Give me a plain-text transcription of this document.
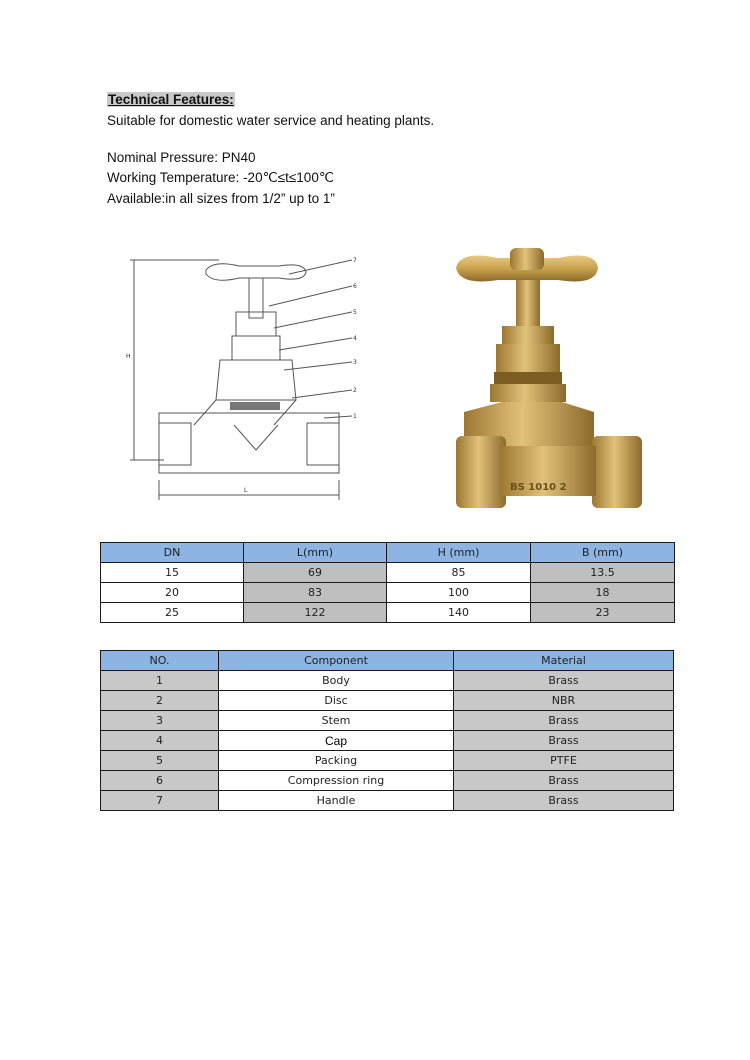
Technical Features:
Suitable for domestic water service and heating plants.
Nominal Pressure: PN40
Working Temperature: -20℃≤t≤100℃
Available:in all sizes from 1/2” up to 1”
7
6
5
4
3
2
1
H
L	BS 1010 2
DN	L(mm)	H (mm)	B (mm)
15	69	85	13.5
20	83	100	18
25	122	140	23
NO.	Component	Material
1	Body	Brass
2	Disc	NBR
3	Stem	Brass
4	Cap	Brass
5	Packing	PTFE
6	Compression ring	Brass
7	Handle	Brass
